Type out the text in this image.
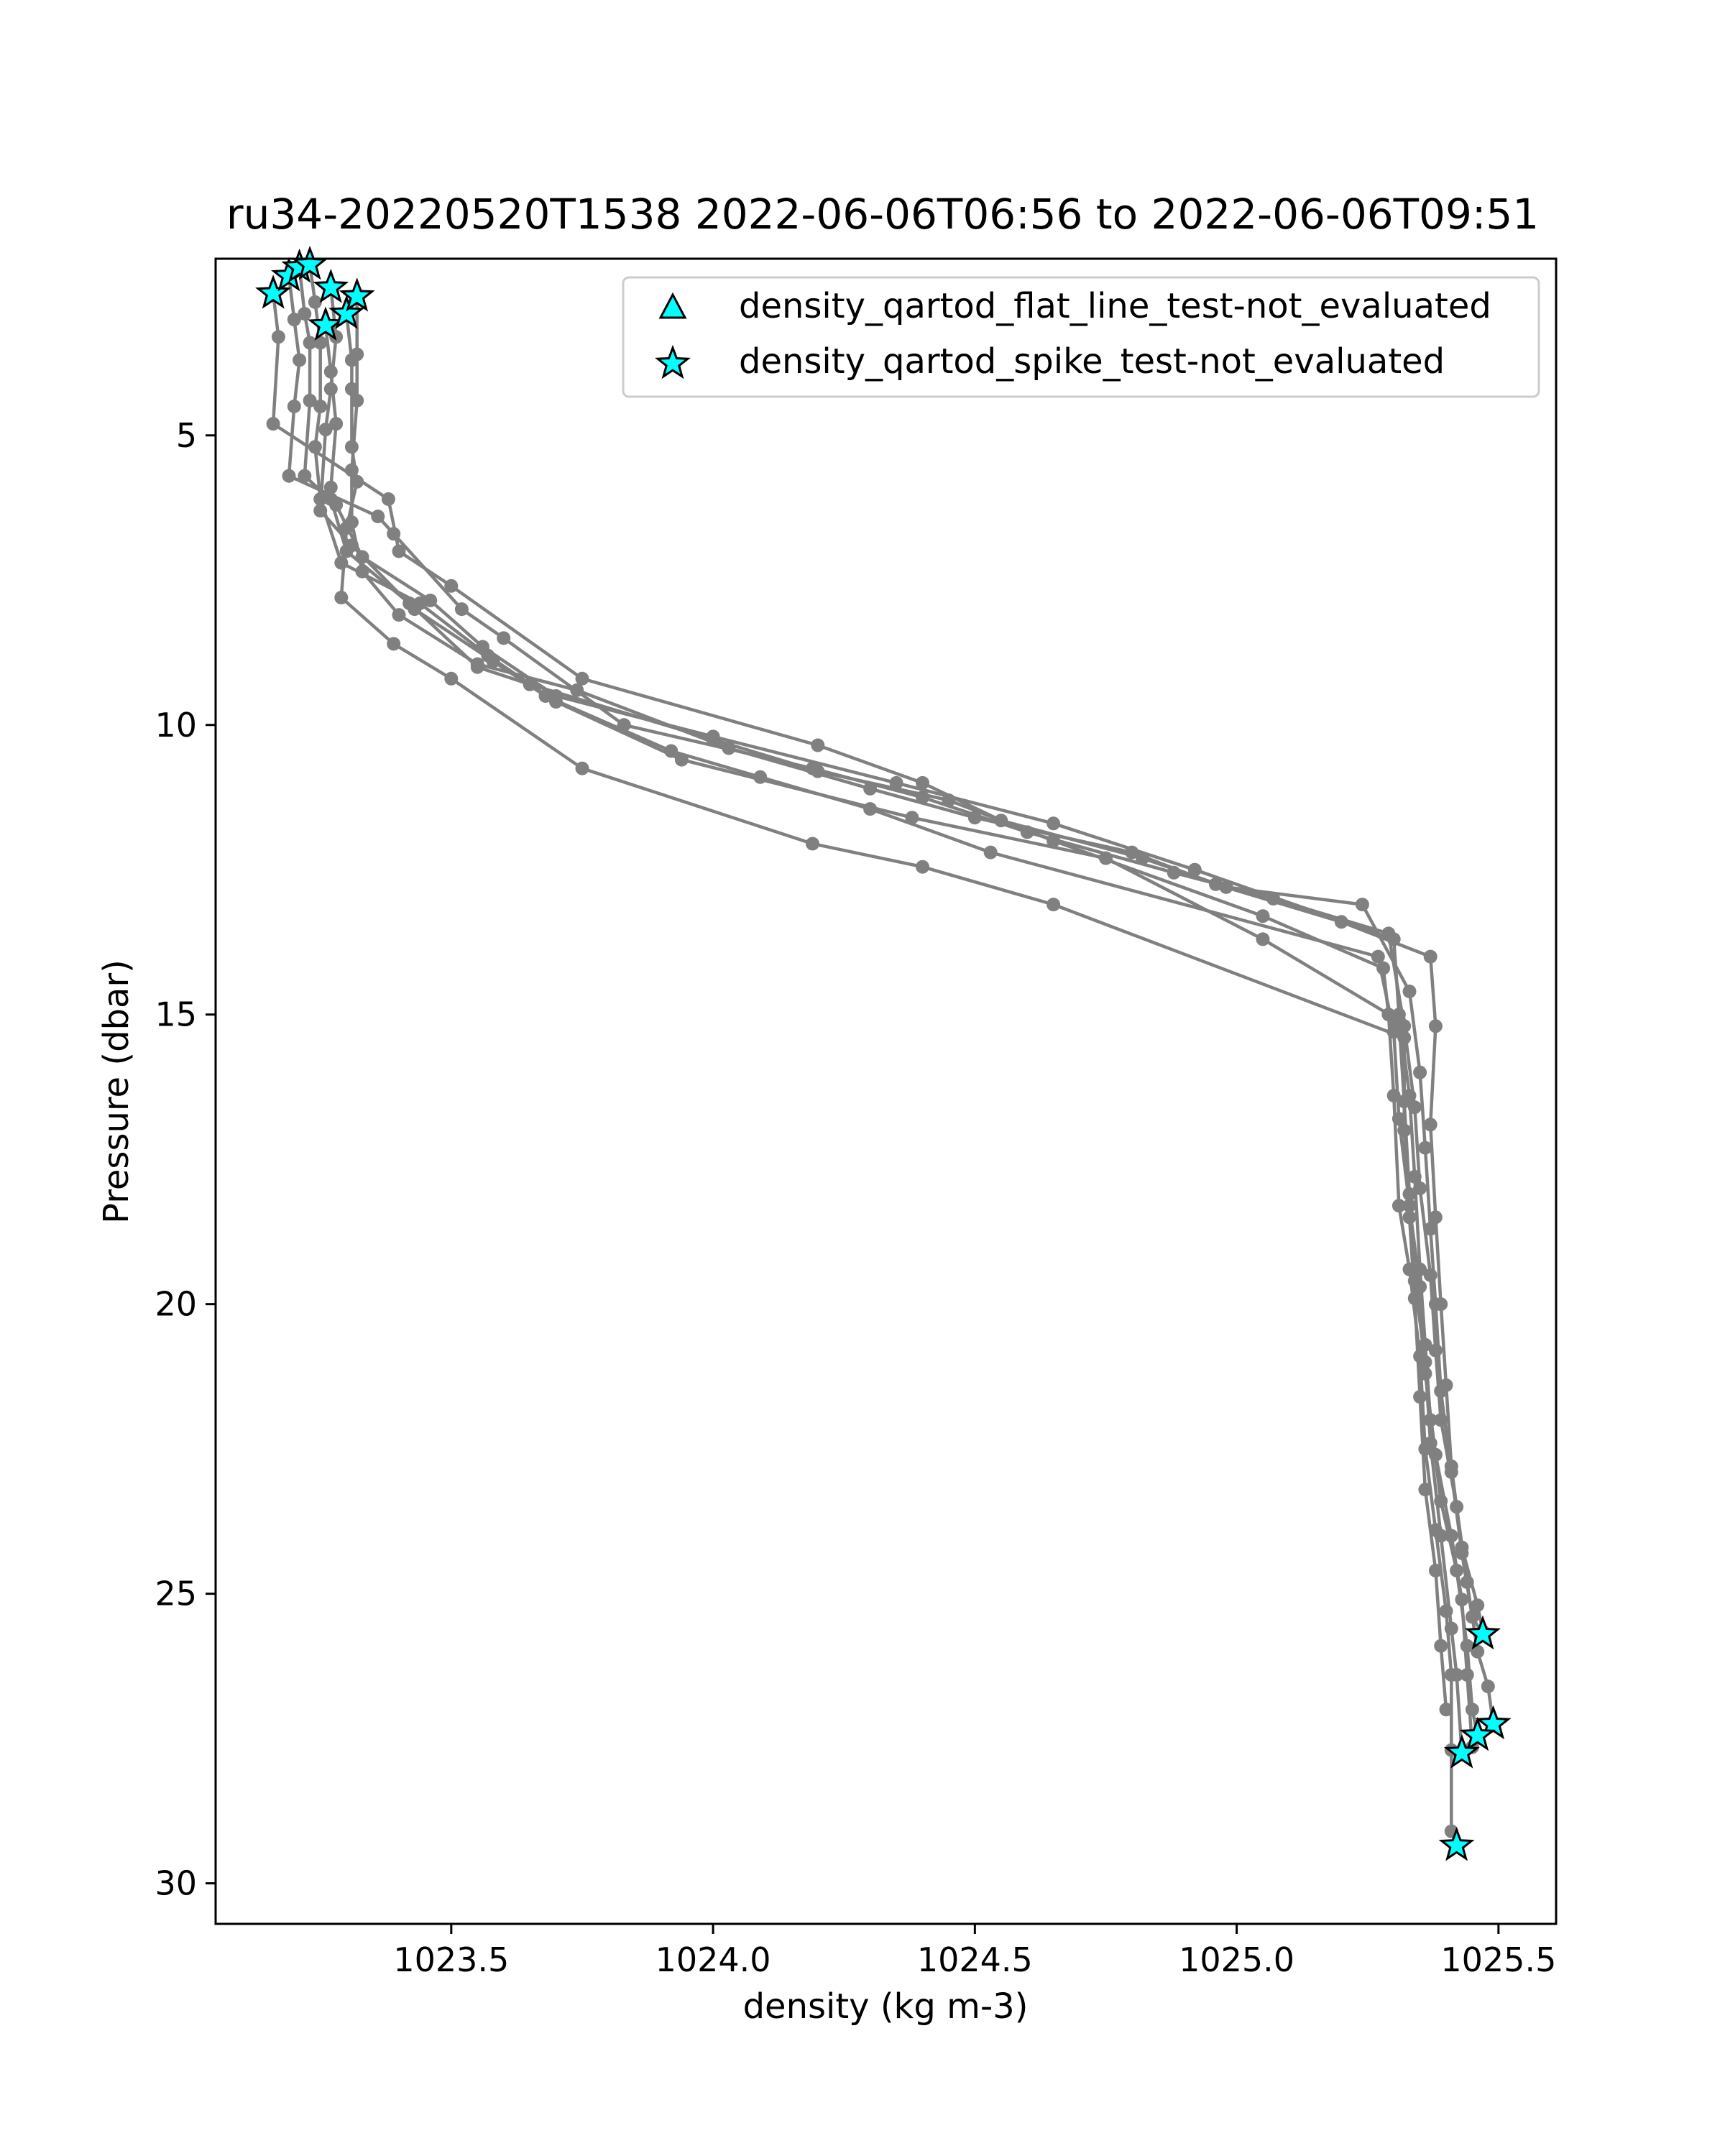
ru34-20220520T1538 2022-06-06T06:56 to 2022-06-06T09:51
1023.5	1024.0	1024.5	1025.0	1025.5
5
10
15
20
25
30
density (kg m-3)
Pressure (dbar)
density_qartod_flat_line_test-not_evaluated
density_qartod_spike_test-not_evaluated
